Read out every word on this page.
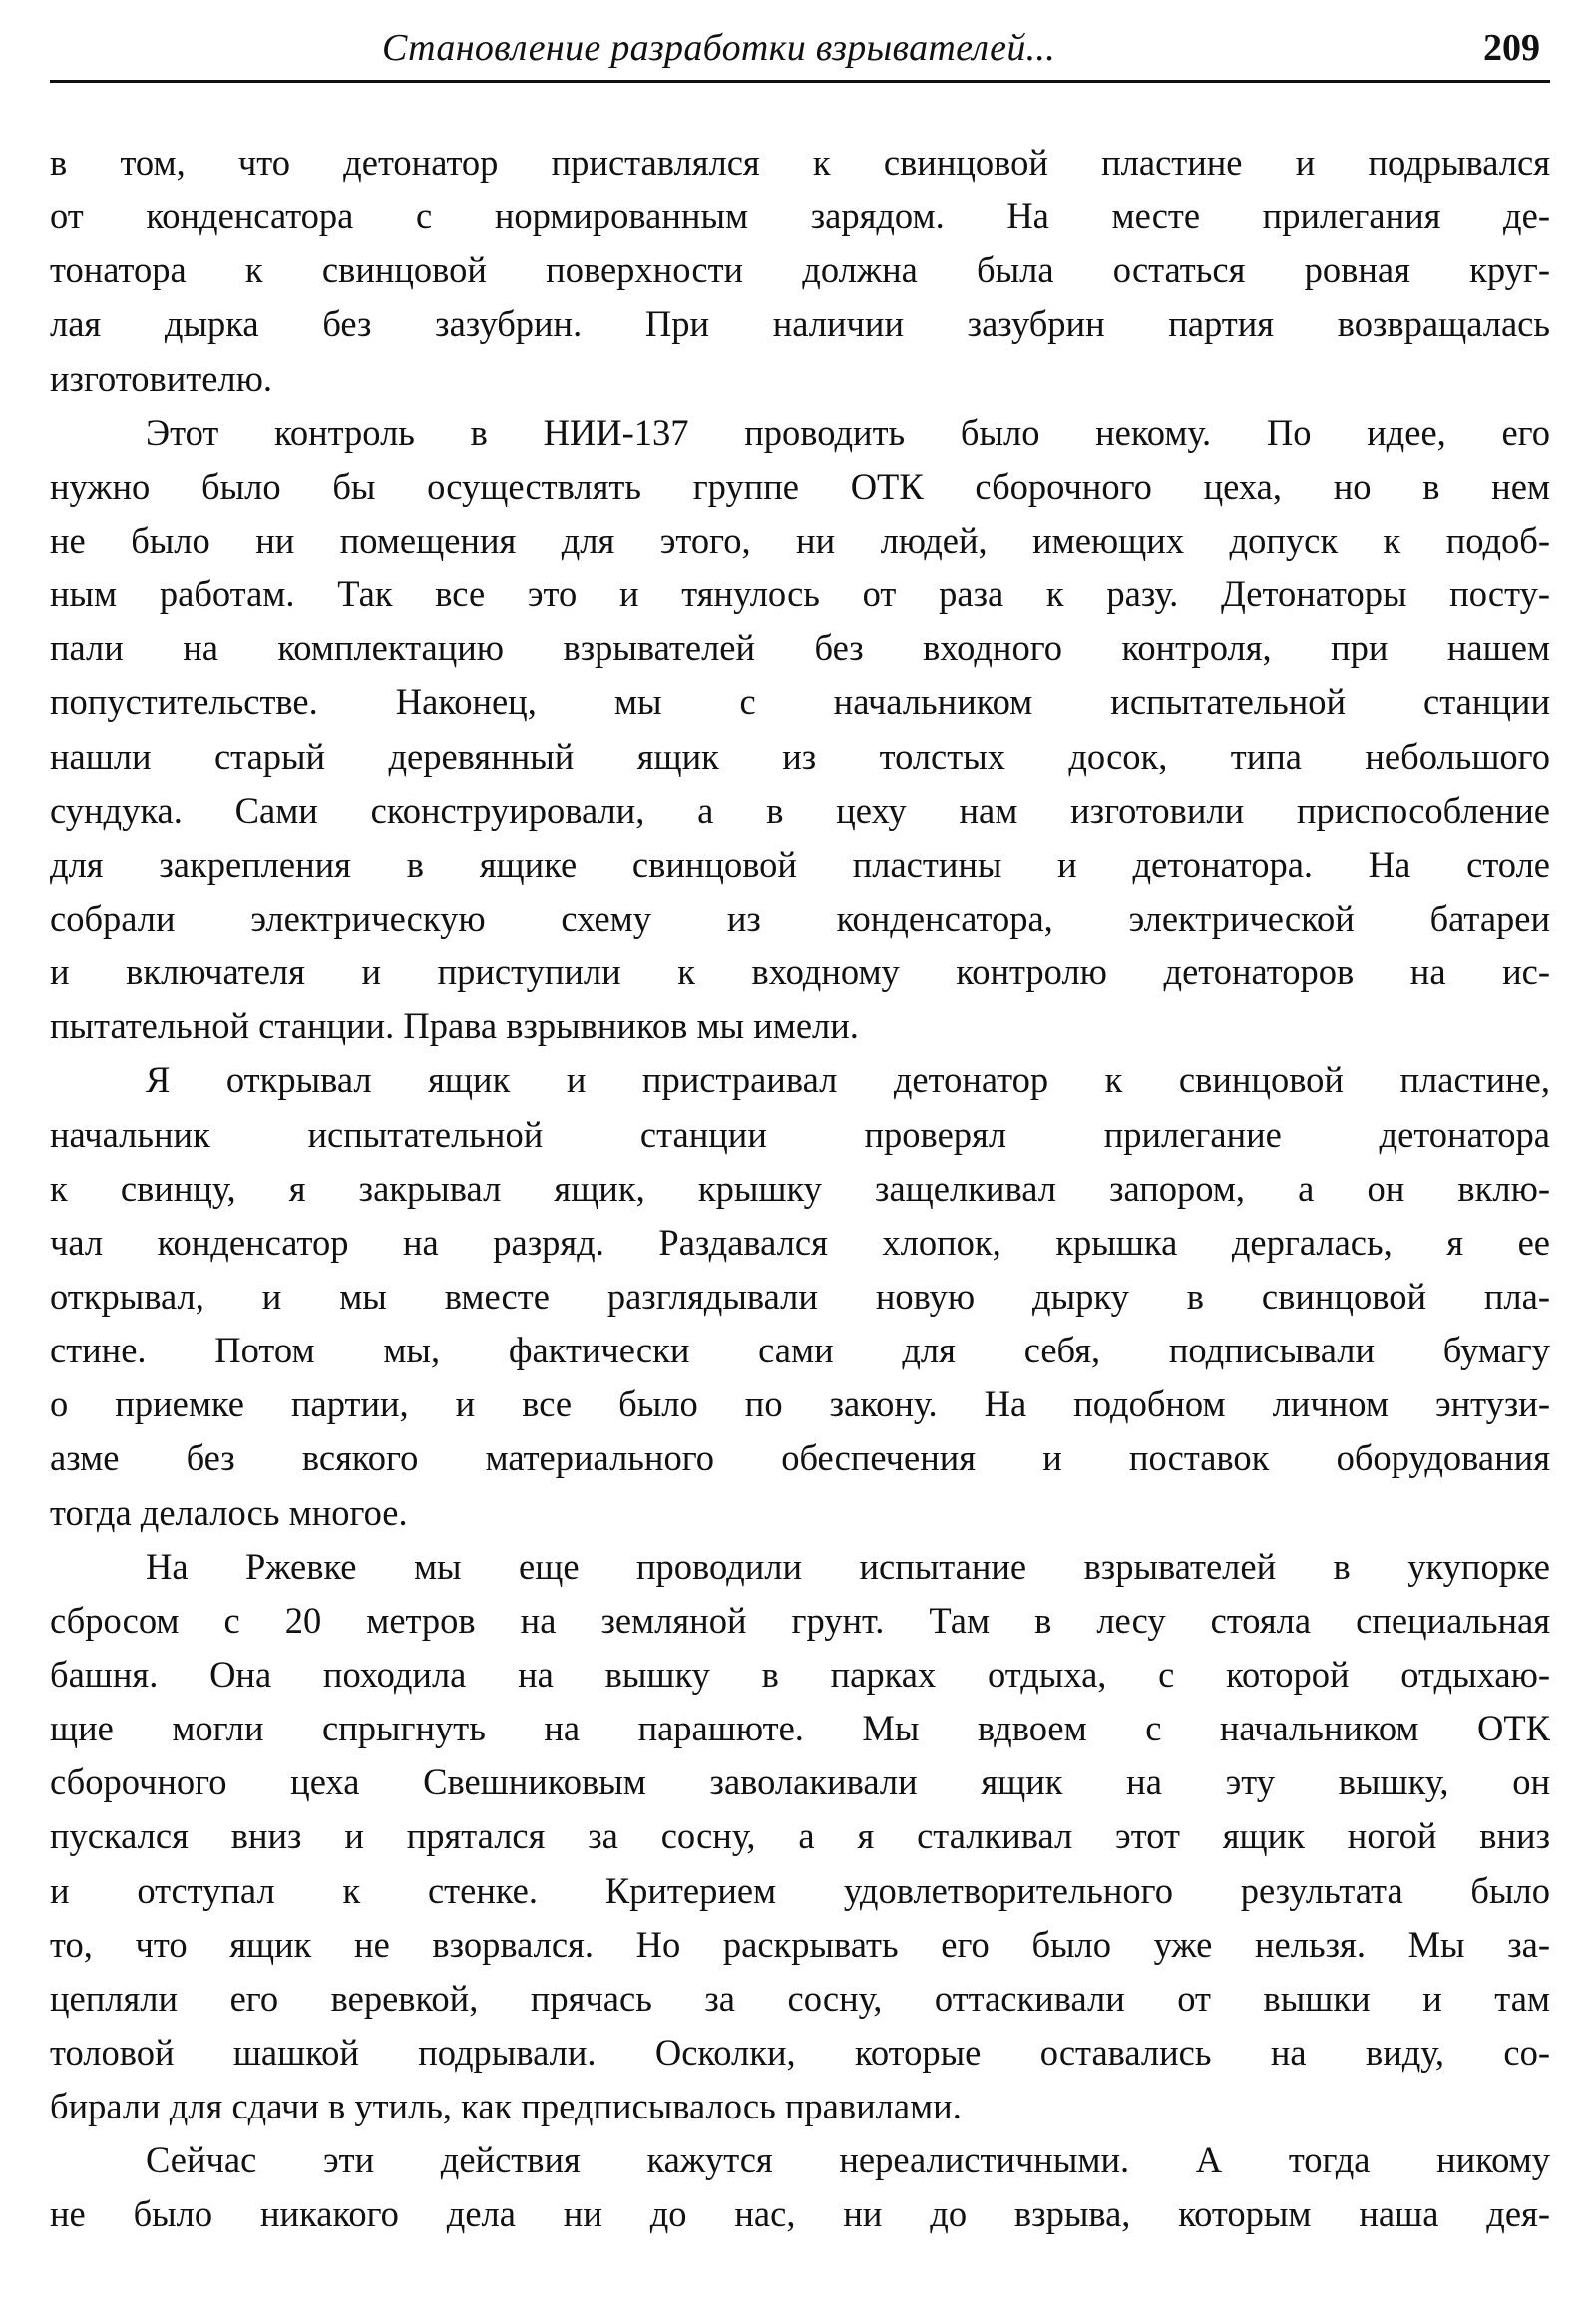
Становление разработки взрывателей...	209
в том, что детонатор приставлялся к свинцовой пластине и подрывался
от конденсатора с нормированным зарядом. На месте прилегания де-
тонатора к свинцовой поверхности должна была остаться ровная круг-
лая дырка без зазубрин. При наличии зазубрин партия возвращалась
изготовителю.
Этот контроль в НИИ-137 проводить было некому. По идее, его
нужно было бы осуществлять группе ОТК сборочного цеха, но в нем
не было ни помещения для этого, ни людей, имеющих допуск к подоб-
ным работам. Так все это и тянулось от раза к разу. Детонаторы посту-
пали на комплектацию взрывателей без входного контроля, при нашем
попустительстве. Наконец, мы с начальником испытательной станции
нашли старый деревянный ящик из толстых досок, типа небольшого
сундука. Сами сконструировали, а в цеху нам изготовили приспособление
для закрепления в ящике свинцовой пластины и детонатора. На столе
собрали электрическую схему из конденсатора, электрической батареи
и включателя и приступили к входному контролю детонаторов на ис-
пытательной станции. Права взрывников мы имели.
Я открывал ящик и пристраивал детонатор к свинцовой пластине,
начальник испытательной станции проверял прилегание детонатора
к свинцу, я закрывал ящик, крышку защелкивал запором, а он вклю-
чал конденсатор на разряд. Раздавался хлопок, крышка дергалась, я ее
открывал, и мы вместе разглядывали новую дырку в свинцовой пла-
стине. Потом мы, фактически сами для себя, подписывали бумагу
о приемке партии, и все было по закону. На подобном личном энтузи-
азме без всякого материального обеспечения и поставок оборудования
тогда делалось многое.
На Ржевке мы еще проводили испытание взрывателей в укупорке
сбросом с 20 метров на земляной грунт. Там в лесу стояла специальная
башня. Она походила на вышку в парках отдыха, с которой отдыхаю-
щие могли спрыгнуть на парашюте. Мы вдвоем с начальником ОТК
сборочного цеха Свешниковым заволакивали ящик на эту вышку, он
пускался вниз и прятался за сосну, а я сталкивал этот ящик ногой вниз
и отступал к стенке. Критерием удовлетворительного результата было
то, что ящик не взорвался. Но раскрывать его было уже нельзя. Мы за-
цепляли его веревкой, прячась за сосну, оттаскивали от вышки и там
толовой шашкой подрывали. Осколки, которые оставались на виду, со-
бирали для сдачи в утиль, как предписывалось правилами.
Сейчас эти действия кажутся нереалистичными. А тогда никому
не было никакого дела ни до нас, ни до взрыва, которым наша дея-
